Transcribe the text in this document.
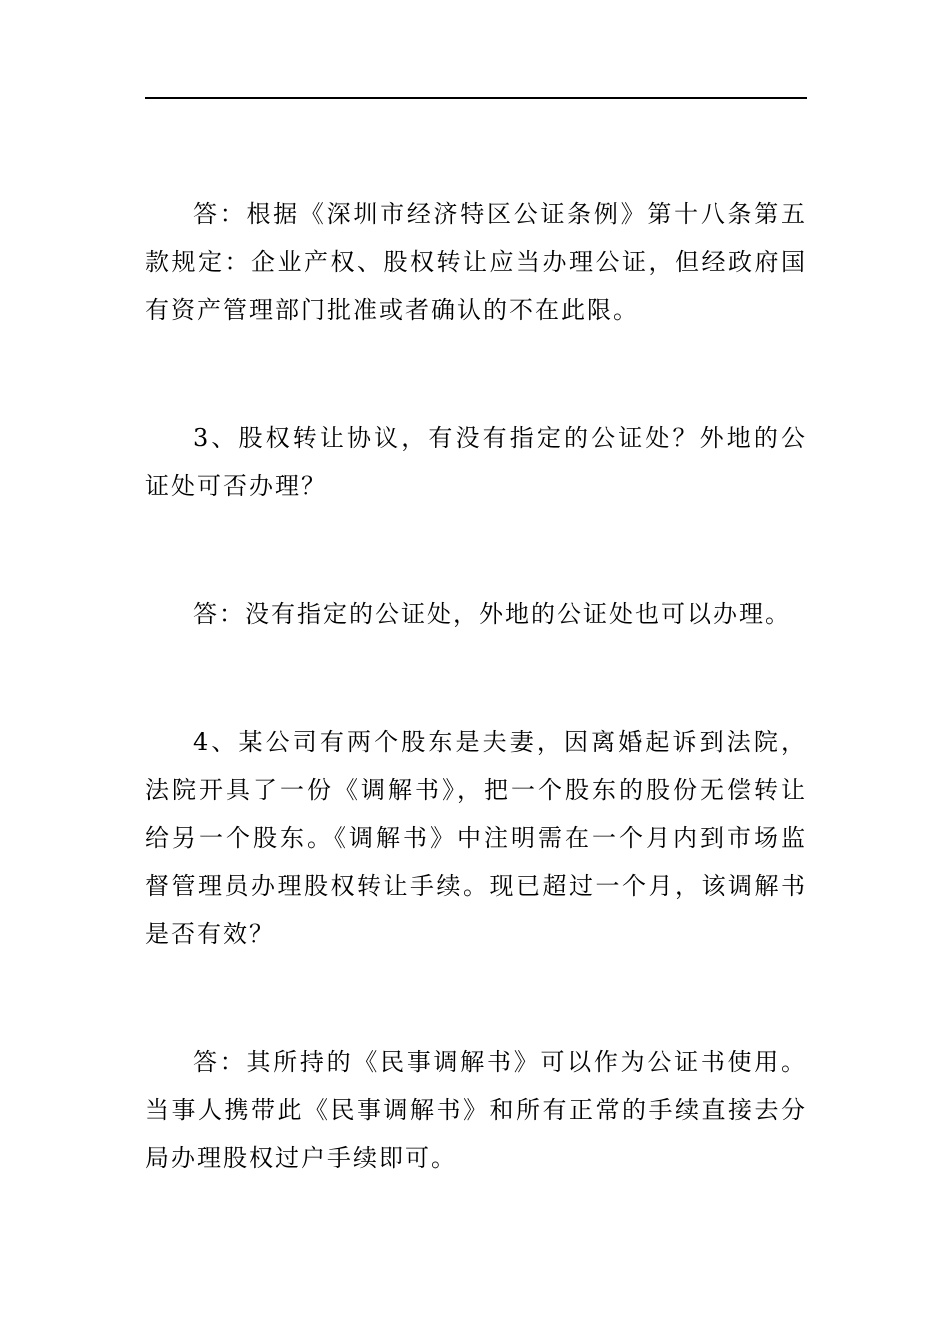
答：根据《深圳市经济特区公证条例》第十八条第五款规定：企业产权、股权转让应当办理公证，但经政府国有资产管理部门批准或者确认的不在此限。

3、股权转让协议，有没有指定的公证处？外地的公证处可否办理？

答：没有指定的公证处，外地的公证处也可以办理。

4、某公司有两个股东是夫妻，因离婚起诉到法院，法院开具了一份《调解书》，把一个股东的股份无偿转让给另一个股东。《调解书》中注明需在一个月内到市场监督管理员办理股权转让手续。现已超过一个月，该调解书是否有效？

答：其所持的《民事调解书》可以作为公证书使用。当事人携带此《民事调解书》和所有正常的手续直接去分局办理股权过户手续即可。
